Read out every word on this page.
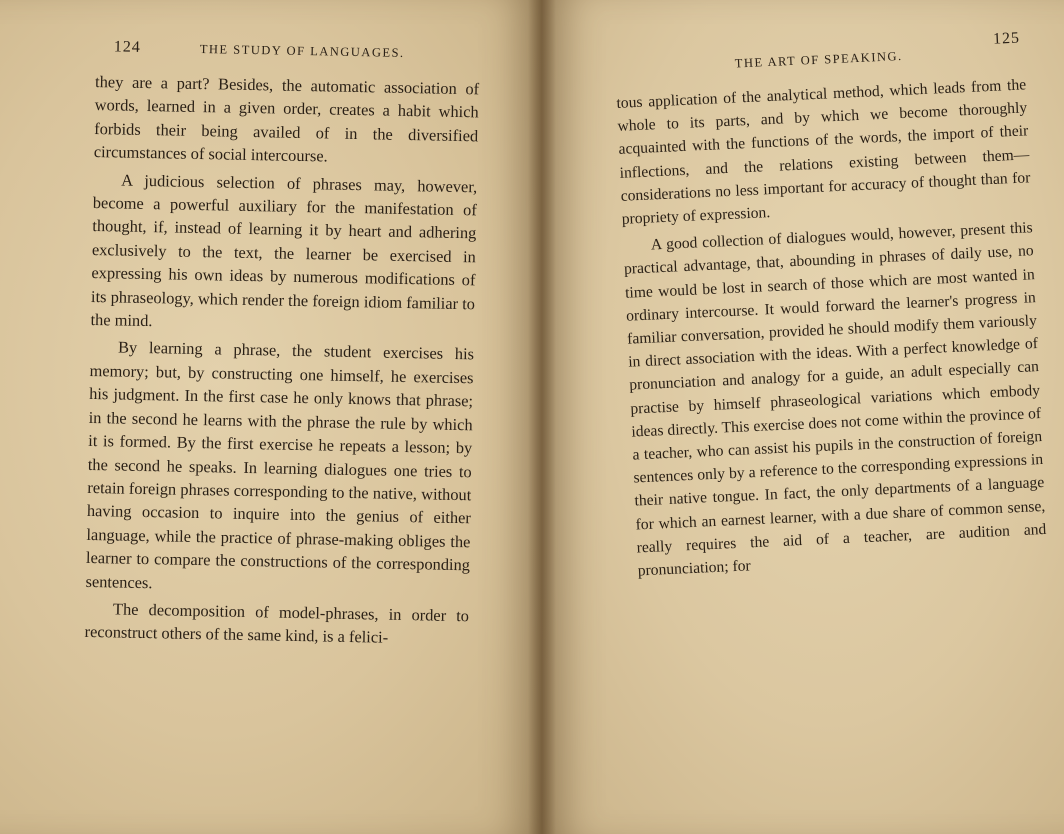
124	THE STUDY OF LANGUAGES.

they are a part? Besides, the automatic association of words, learned in a given order, creates a habit which forbids their being availed of in the diversified circumstances of social intercourse.

A judicious selection of phrases may, however, become a powerful auxiliary for the manifestation of thought, if, instead of learning it by heart and adhering exclusively to the text, the learner be exercised in expressing his own ideas by numerous modifications of its phraseology, which render the foreign idiom familiar to the mind.

By learning a phrase, the student exercises his memory; but, by constructing one himself, he exercises his judgment. In the first case he only knows that phrase; in the second he learns with the phrase the rule by which it is formed. By the first exercise he repeats a lesson; by the second he speaks. In learning dialogues one tries to retain foreign phrases corresponding to the native, without having occasion to inquire into the genius of either language, while the practice of phrase-making obliges the learner to compare the constructions of the corresponding sentences.

The decomposition of model-phrases, in order to reconstruct others of the same kind, is a felici-

THE ART OF SPEAKING.
125

tous application of the analytical method, which leads from the whole to its parts, and by which we become thoroughly acquainted with the functions of the words, the import of their inflections, and the relations existing between them—considerations no less important for accuracy of thought than for propriety of expression.

A good collection of dialogues would, however, present this practical advantage, that, abounding in phrases of daily use, no time would be lost in search of those which are most wanted in ordinary intercourse. It would forward the learner's progress in familiar conversation, provided he should modify them variously in direct association with the ideas. With a perfect knowledge of pronunciation and analogy for a guide, an adult especially can practise by himself phraseological variations which embody ideas directly. This exercise does not come within the province of a teacher, who can assist his pupils in the construction of foreign sentences only by a reference to the corresponding expressions in their native tongue. In fact, the only departments of a language for which an earnest learner, with a due share of common sense, really requires the aid of a teacher, are audition and pronunciation; for
